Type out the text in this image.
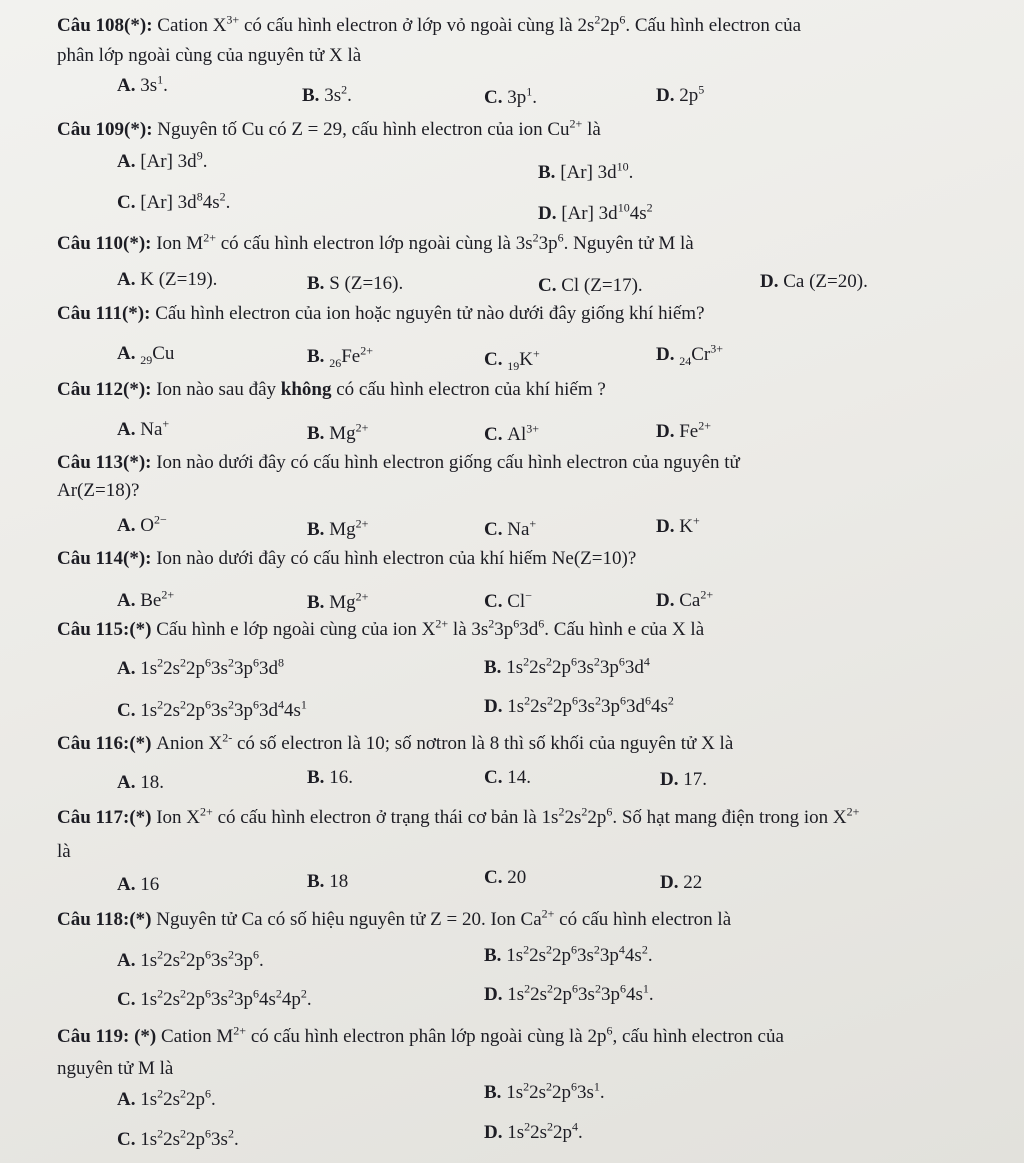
Câu 108(*): Cation $X^{3+}$ có cấu hình electron ở lớp vỏ ngoài cùng là $2s^22p^6$. Cấu hình electron của
phân lớp ngoài cùng của nguyên tử X là
A. $3s^1$.	B. $3s^2$.	C. $3p^1$.	D. $2p^5$
Câu 109(*): Nguyên tố Cu có Z = 29, cấu hình electron của ion $Cu^{2+}$ là
A. [Ar] $3d^9$.
B. [Ar] $3d^{10}$.
C. [Ar] $3d^84s^2$.
D. [Ar] $3d^{10}4s^2$
Câu 110(*): Ion $M^{2+}$ có cấu hình electron lớp ngoài cùng là $3s^23p^6$. Nguyên tử M là
A. K (Z=19).	B. S (Z=16).	C. Cl (Z=17).	D. Ca (Z=20).
Câu 111(*): Cấu hình electron của ion hoặc nguyên tử nào dưới đây giống khí hiếm?
A. $_{29}$Cu	B. $_{26}Fe^{2+}$	C. $_{19}$K+	D. $_{24}Cr^{3+}$
Câu 112(*): Ion nào sau đây không có cấu hình electron của khí hiếm ?
A. Na+	B. $Mg^{2+}$	C. $Al^{3+}$	D. $Fe^{2+}$
Câu 113(*): Ion nào dưới đây có cấu hình electron giống cấu hình electron của nguyên tử
Ar(Z=18)?
A. $O^{2-}$	B. $Mg^{2+}$	C. Na+	D. K+
Câu 114(*): Ion nào dưới đây có cấu hình electron của khí hiếm Ne(Z=10)?
A. $Be^{2+}$	B. $Mg^{2+}$	C. Cl−	D. $Ca^{2+}$
Câu 115:(*) Cấu hình e lớp ngoài cùng của ion $X^{2+}$ là $3s^23p^63d^6$. Cấu hình e của X là
A. $1s^22s^22p^63s^23p^63d^8$	B. $1s^22s^22p^63s^23p^63d^4$
C. $1s^22s^22p^63s^23p^63d^44s^1$	D. $1s^22s^22p^63s^23p^63d^64s^2$
Câu 116:(*) Anion $X^{2-}$ có số electron là 10; số nơtron là 8 thì số khối của nguyên tử X là
A. 18.	B. 16.	C. 14.	D. 17.
Câu 117:(*) Ion $X^{2+}$ có cấu hình electron ở trạng thái cơ bản là $1s^22s^22p^6$. Số hạt mang điện trong ion $X^{2+}$
là
A. 16	B. 18	C. 20	D. 22
Câu 118:(*) Nguyên tử Ca có số hiệu nguyên tử Z = 20. Ion $Ca^{2+}$ có cấu hình electron là
A. $1s^22s^22p^63s^23p^6$.	B. $1s^22s^22p^63s^23p^44s^2$.
C. $1s^22s^22p^63s^23p^64s^24p^2$.	D. $1s^22s^22p^63s^23p^64s^1$.
Câu 119: (*) Cation $M^{2+}$ có cấu hình electron phân lớp ngoài cùng là $2p^6$, cấu hình electron của
nguyên tử M là
A. $1s^22s^22p^6$.	B. $1s^22s^22p^63s^1$.
C. $1s^22s^22p^63s^2$.	D. $1s^22s^22p^4$.
